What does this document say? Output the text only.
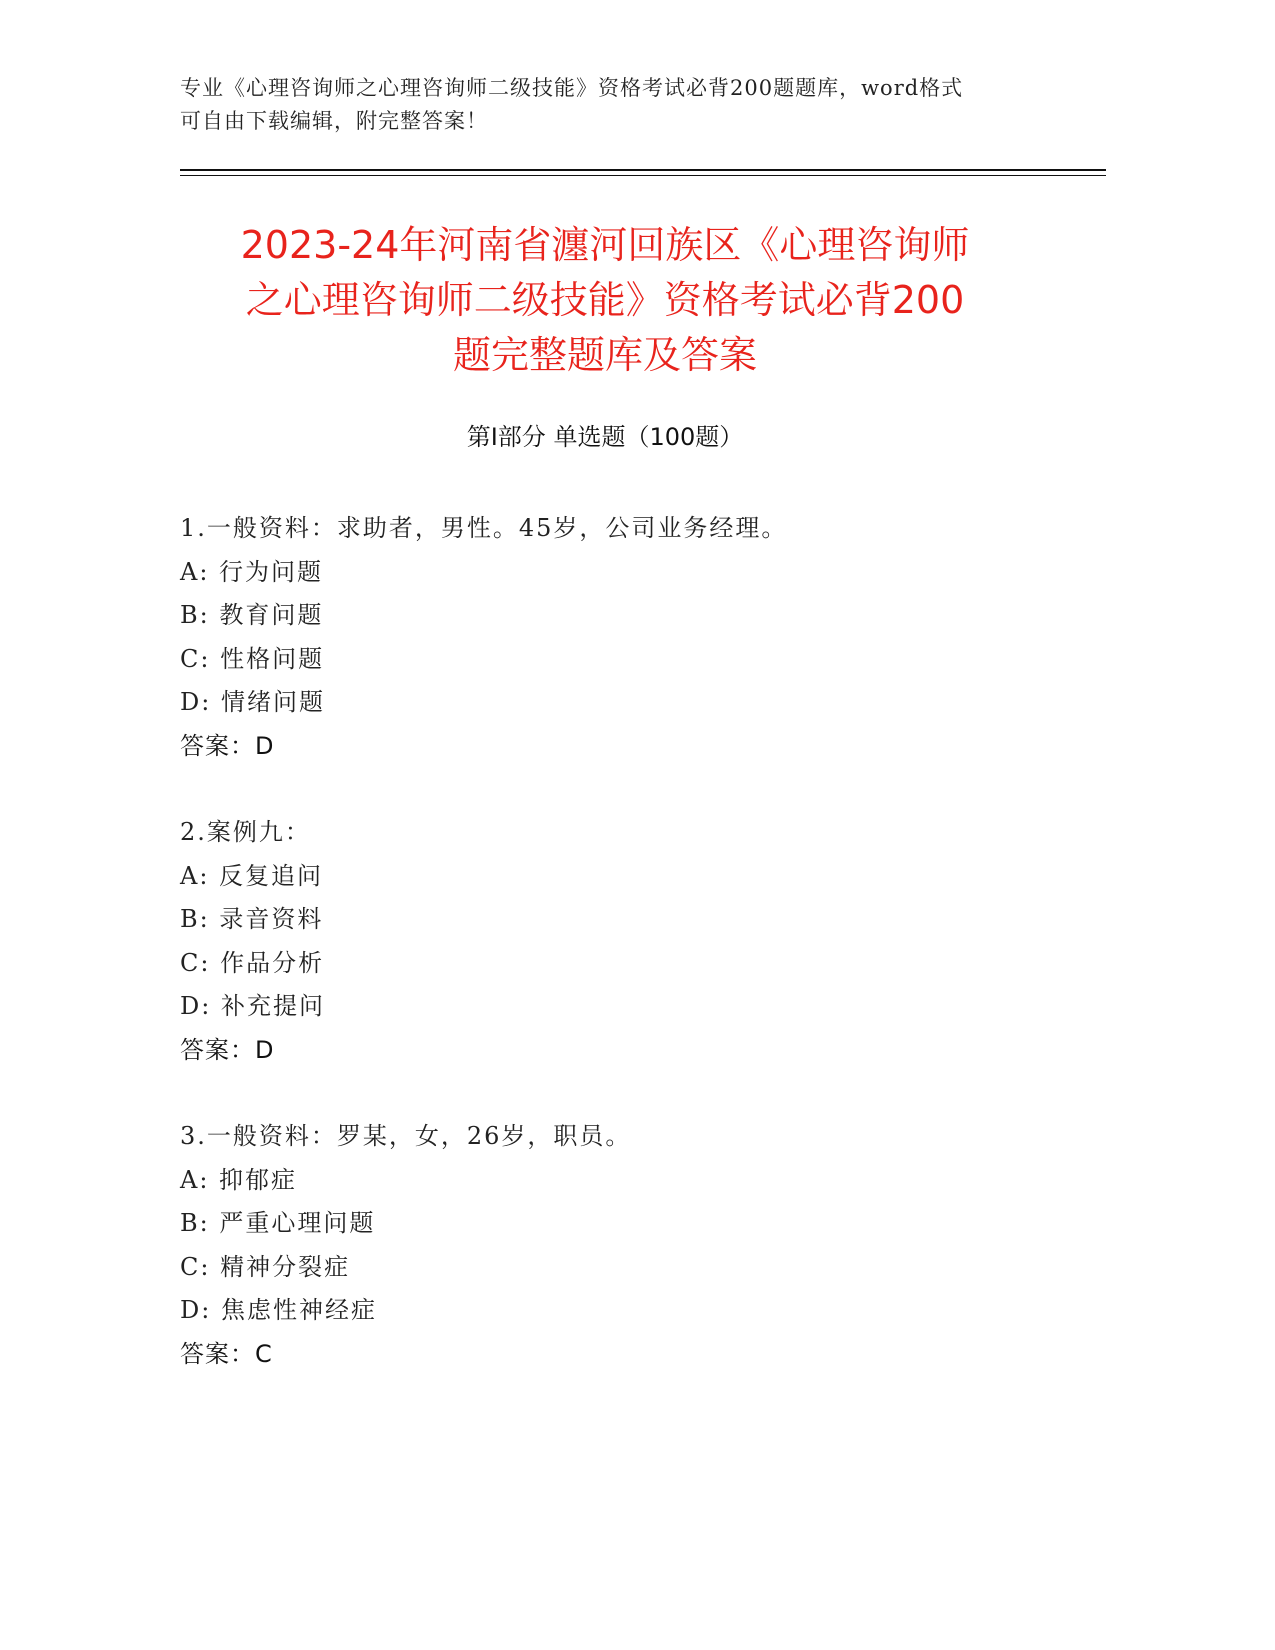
专业《心理咨询师之心理咨询师二级技能》资格考试必背200题题库，word格式
可自由下载编辑，附完整答案！
2023-24年河南省瀍河回族区《心理咨询师
之心理咨询师二级技能》资格考试必背200
题完整题库及答案
第Ⅰ部分 单选题（100题）
1.一般资料：求助者，男性。45岁，公司业务经理。
A: 行为问题
B: 教育问题
C: 性格问题
D: 情绪问题
答案：D
2.案例九：
A: 反复追问
B: 录音资料
C: 作品分析
D: 补充提问
答案：D
3.一般资料：罗某，女，26岁，职员。
A: 抑郁症
B: 严重心理问题
C: 精神分裂症
D: 焦虑性神经症
答案：C
